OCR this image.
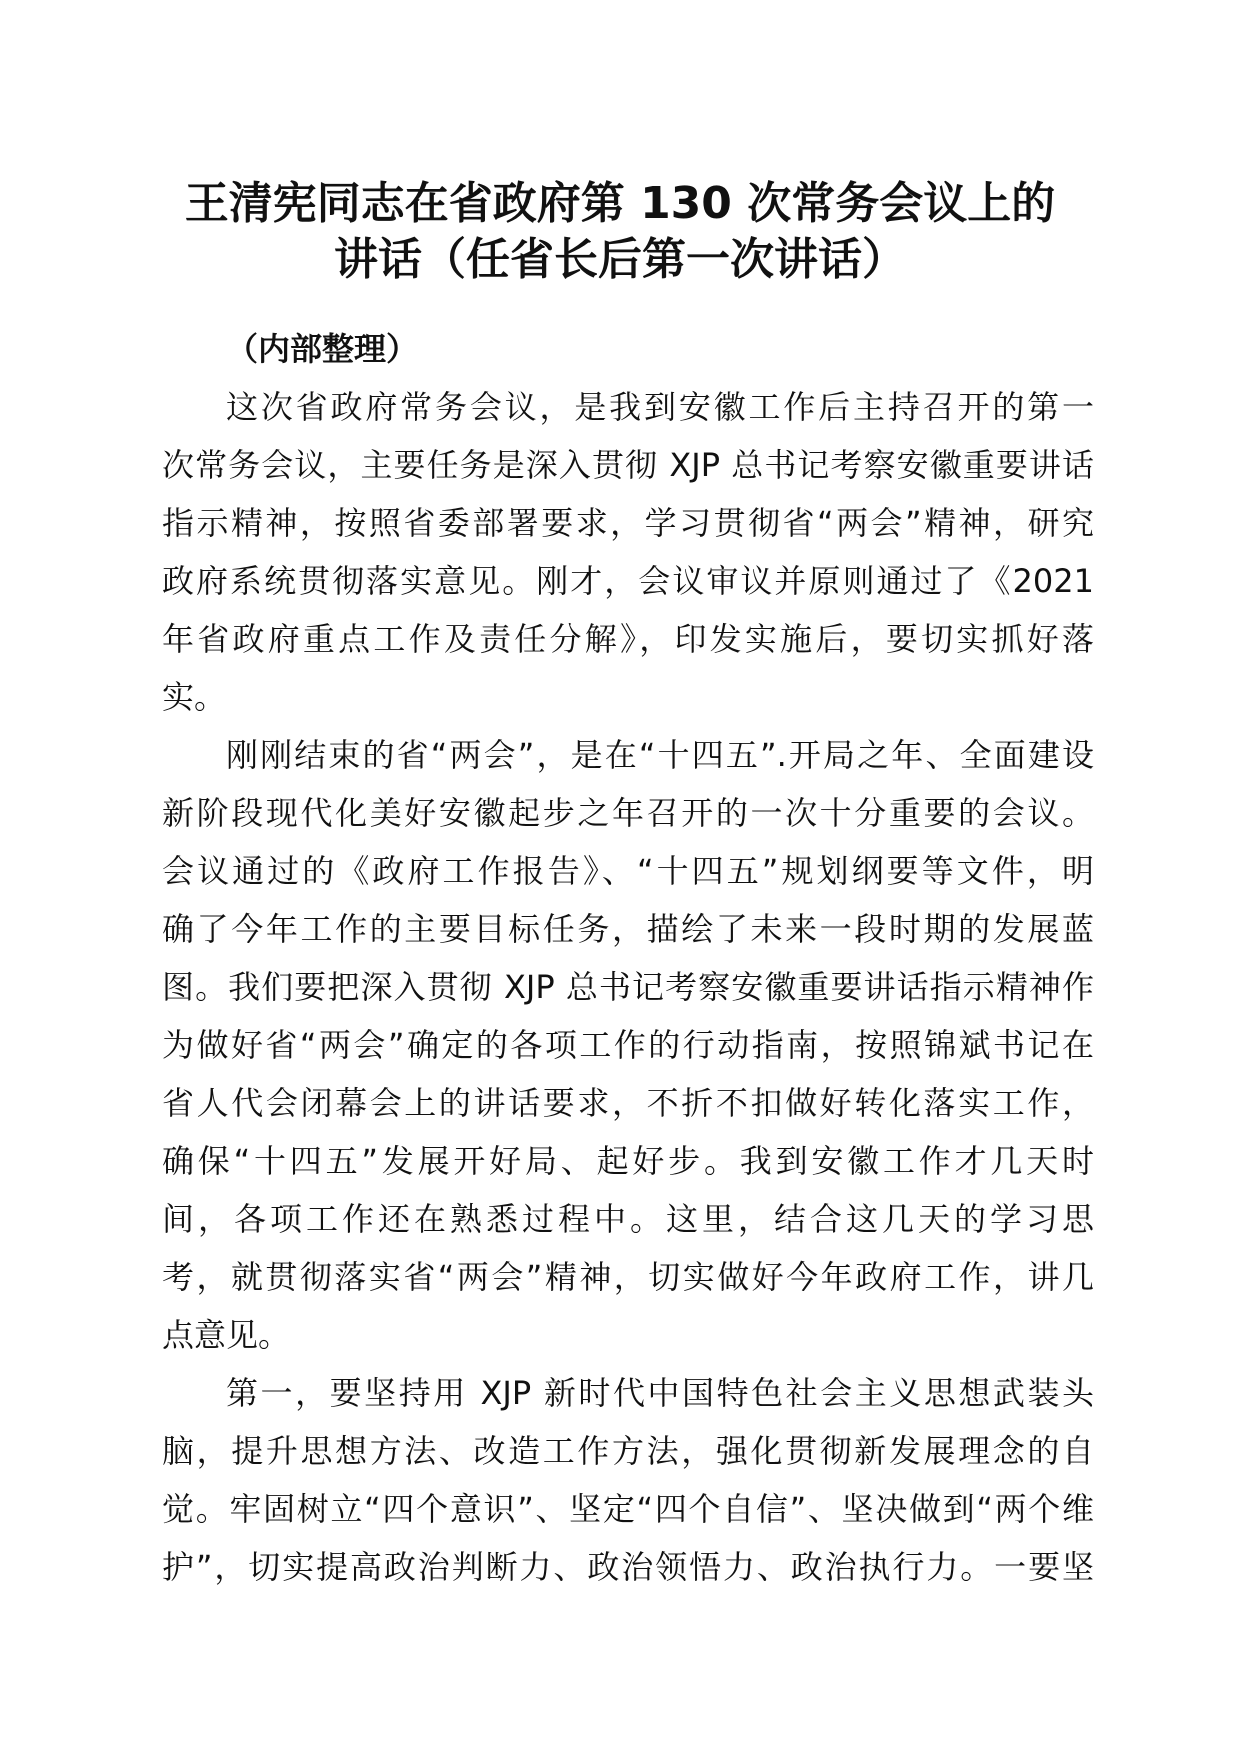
王清宪同志在省政府第 130 次常务会议上的
讲话（任省长后第一次讲话）

（内部整理）

这次省政府常务会议，是我到安徽工作后主持召开的第一
次常务会议，主要任务是深入贯彻 XJP 总书记考察安徽重要讲话
指示精神，按照省委部署要求，学习贯彻省“两会”精神，研究
政府系统贯彻落实意见。刚才，会议审议并原则通过了《2021
年省政府重点工作及责任分解》，印发实施后，要切实抓好落
实。
刚刚结束的省“两会”，是在“十四五”.开局之年、全面建设
新阶段现代化美好安徽起步之年召开的一次十分重要的会议。
会议通过的《政府工作报告》、“十四五”规划纲要等文件，明
确了今年工作的主要目标任务，描绘了未来一段时期的发展蓝
图。我们要把深入贯彻 XJP 总书记考察安徽重要讲话指示精神作
为做好省“两会”确定的各项工作的行动指南，按照锦斌书记在
省人代会闭幕会上的讲话要求，不折不扣做好转化落实工作，
确保“十四五”发展开好局、起好步。我到安徽工作才几天时
间，各项工作还在熟悉过程中。这里，结合这几天的学习思
考，就贯彻落实省“两会”精神，切实做好今年政府工作，讲几
点意见。
第一，要坚持用 XJP 新时代中国特色社会主义思想武装头
脑，提升思想方法、改造工作方法，强化贯彻新发展理念的自
觉。牢固树立“四个意识”、坚定“四个自信”、坚决做到“两个维
护”，切实提高政治判断力、政治领悟力、政治执行力。一要坚
